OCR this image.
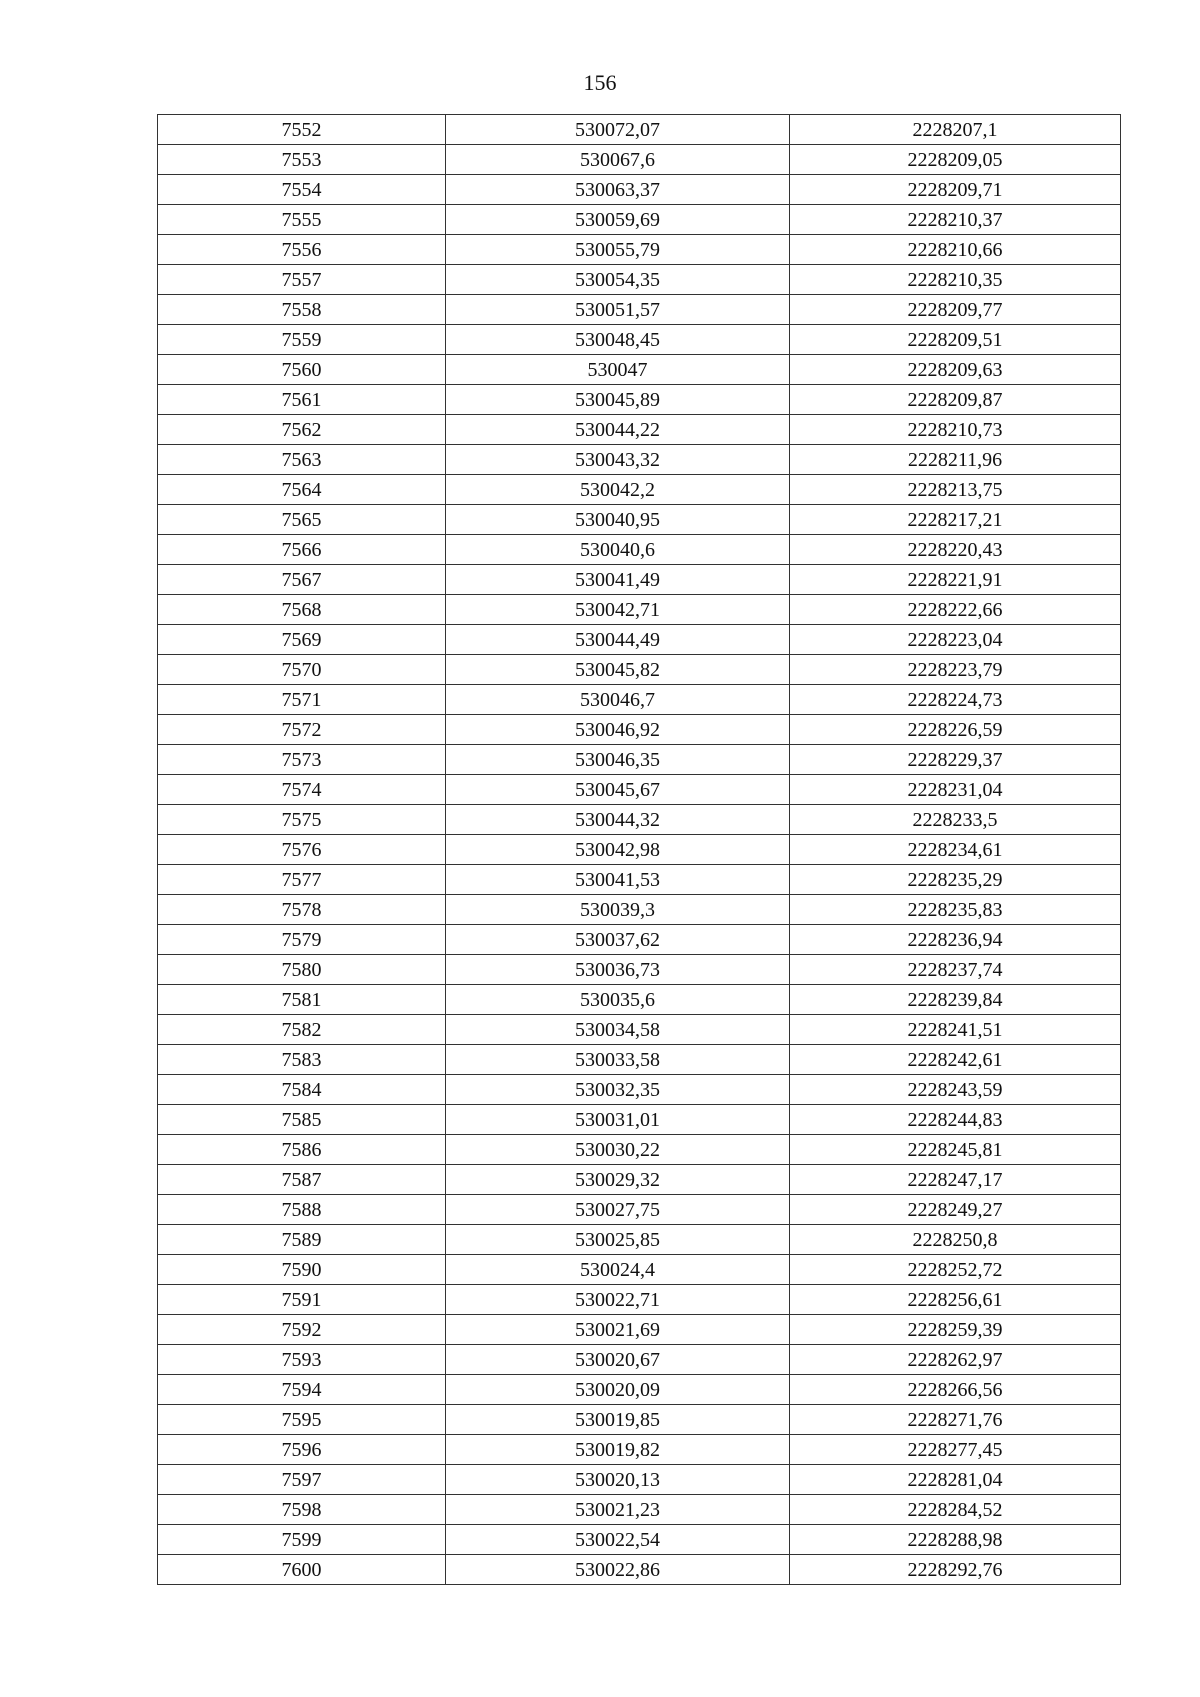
156
7552	530072,07	2228207,1
7553	530067,6	2228209,05
7554	530063,37	2228209,71
7555	530059,69	2228210,37
7556	530055,79	2228210,66
7557	530054,35	2228210,35
7558	530051,57	2228209,77
7559	530048,45	2228209,51
7560	530047	2228209,63
7561	530045,89	2228209,87
7562	530044,22	2228210,73
7563	530043,32	2228211,96
7564	530042,2	2228213,75
7565	530040,95	2228217,21
7566	530040,6	2228220,43
7567	530041,49	2228221,91
7568	530042,71	2228222,66
7569	530044,49	2228223,04
7570	530045,82	2228223,79
7571	530046,7	2228224,73
7572	530046,92	2228226,59
7573	530046,35	2228229,37
7574	530045,67	2228231,04
7575	530044,32	2228233,5
7576	530042,98	2228234,61
7577	530041,53	2228235,29
7578	530039,3	2228235,83
7579	530037,62	2228236,94
7580	530036,73	2228237,74
7581	530035,6	2228239,84
7582	530034,58	2228241,51
7583	530033,58	2228242,61
7584	530032,35	2228243,59
7585	530031,01	2228244,83
7586	530030,22	2228245,81
7587	530029,32	2228247,17
7588	530027,75	2228249,27
7589	530025,85	2228250,8
7590	530024,4	2228252,72
7591	530022,71	2228256,61
7592	530021,69	2228259,39
7593	530020,67	2228262,97
7594	530020,09	2228266,56
7595	530019,85	2228271,76
7596	530019,82	2228277,45
7597	530020,13	2228281,04
7598	530021,23	2228284,52
7599	530022,54	2228288,98
7600	530022,86	2228292,76
